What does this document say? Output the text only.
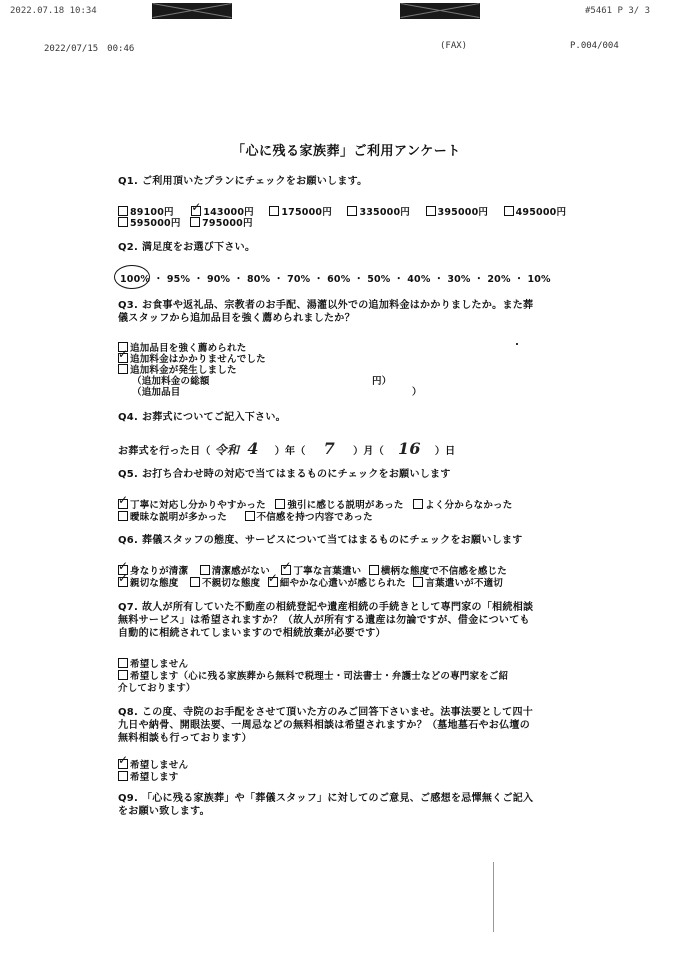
2022.07.18 10:34	#5461 P 3/ 3
2022/07/15　00:46	(FAX)	P.004/004
「心に残る家族葬」ご利用アンケート
Q1. ご利用頂いたプランにチェックをお願いします。
89100円 ✓	143000円	175000円	335000円	395000円	495000円
595000円 795000円
Q2. 満足度をお選び下さい。
100% ・ 95% ・ 90% ・ 80% ・ 70% ・ 60% ・ 50% ・ 40% ・ 30% ・ 20% ・ 10%
Q3. お食事や返礼品、宗教者のお手配、湯灌以外での追加料金はかかりましたか。また葬
儀スタッフから追加品目を強く薦められましたか？
追加品目を強く薦められた
✓追加料金はかかりませんでした
追加料金が発生しました
（追加料金の総額	円）
（追加品目	）
Q4. お葬式についてご記入下さい。
お葬式を行った日（ 令和 4 ）年（ 7 ）月（ 16 ）日
Q5. お打ち合わせ時の対応で当てはまるものにチェックをお願いします
✓丁寧に対応し分かりやすかった 強引に感じる説明があった よく分からなかった
曖昧な説明が多かった	不信感を持つ内容であった
Q6. 葬儀スタッフの態度、サービスについて当てはまるものにチェックをお願いします
✓身なりが清潔 清潔感がない ✓ 丁寧な言葉遣い 横柄な態度で不信感を感じた
✓親切な態度 不親切な態度 ✓ 細やかな心遣いが感じられた 言葉遣いが不適切
Q7. 故人が所有していた不動産の相続登記や遺産相続の手続きとして専門家の「相続相談
無料サービス」は希望されますか？（故人が所有する遺産は勿論ですが、借金についても
自動的に相続されてしまいますので相続放棄が必要です）
希望しません
希望します（心に残る家族葬から無料で税理士・司法書士・弁護士などの専門家をご紹
介しております）
Q8. この度、寺院のお手配をさせて頂いた方のみご回答下さいませ。法事法要として四十
九日や納骨、開眼法要、一周忌などの無料相談は希望されますか？（墓地墓石やお仏壇の
無料相談も行っております）
✓希望しません
希望します
Q9. 「心に残る家族葬」や「葬儀スタッフ」に対してのご意見、ご感想を忌憚無くご記入
をお願い致します。
